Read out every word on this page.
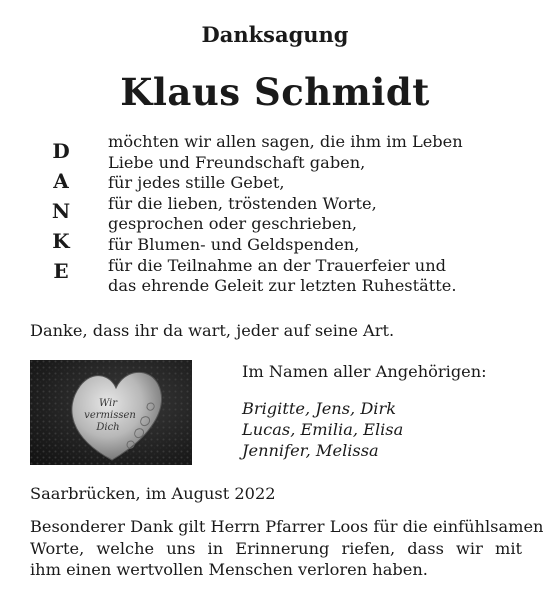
Danksagung
Klaus Schmidt
D
A
N
K
E
möchten wir allen sagen, die ihm im Leben
Liebe und Freundschaft gaben,
für jedes stille Gebet,
für die lieben, tröstenden Worte,
gesprochen oder geschrieben,
für Blumen- und Geldspenden,
für die Teilnahme an der Trauerfeier und
das ehrende Geleit zur letzten Ruhestätte.
Danke, dass ihr da wart, jeder auf seine Art.
Wir
vermissen
Dich
Im Namen aller Angehörigen:
Brigitte, Jens, Dirk
Lucas, Emilia, Elisa
Jennifer, Melissa
Saarbrücken, im August 2022
Besonderer Dank gilt Herrn Pfarrer Loos für die einfühlsamen
Worte, welche uns in Erinnerung riefen, dass wir mit
ihm einen wertvollen Menschen verloren haben.
